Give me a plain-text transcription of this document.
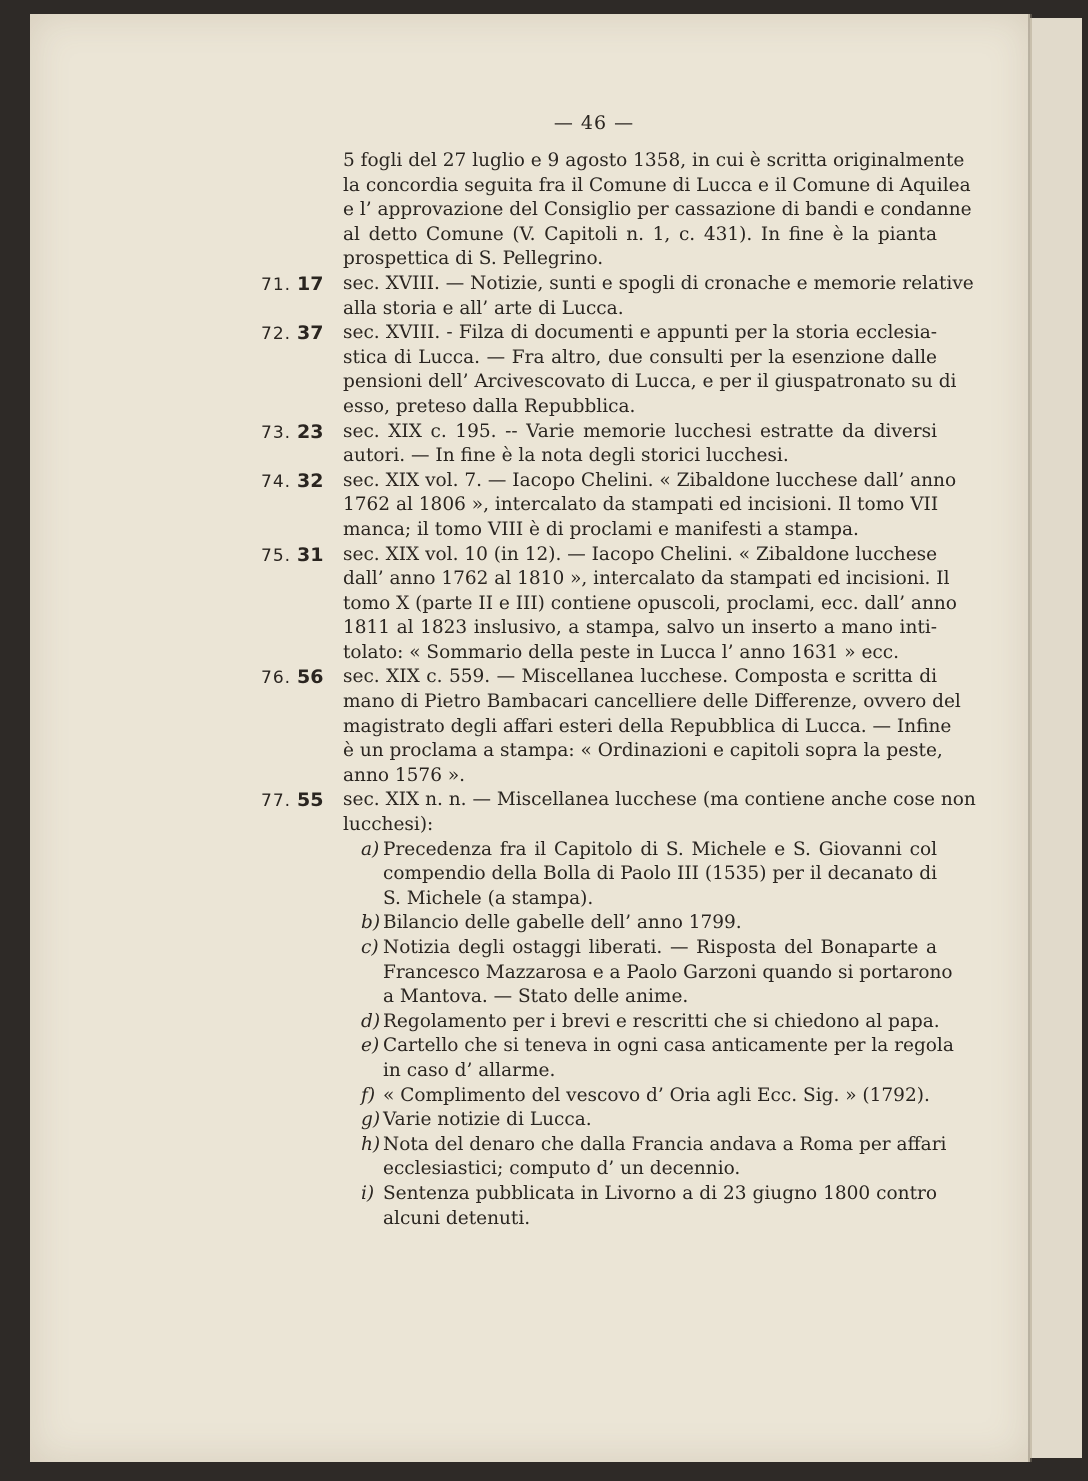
— 46 —
5 fogli del 27 luglio e 9 agosto 1358, in cui è scritta originalmente
la concordia seguita fra il Comune di Lucca e il Comune di Aquilea
e l’ approvazione del Consiglio per cassazione di bandi e condanne
al detto Comune (V. Capitoli n. 1, c. 431). In fine è la pianta
prospettica di S. Pellegrino.
71. 17	sec. XVIII. — Notizie, sunti e spogli di cronache e memorie relative
alla storia e all’ arte di Lucca.
72. 37	sec. XVIII. - Filza di documenti e appunti per la storia ecclesia-
stica di Lucca. — Fra altro, due consulti per la esenzione dalle
pensioni dell’ Arcivescovato di Lucca, e per il giuspatronato su di
esso, preteso dalla Repubblica.
73. 23	sec. XIX c. 195. -- Varie memorie lucchesi estratte da diversi
autori. — In fine è la nota degli storici lucchesi.
74. 32	sec. XIX vol. 7. — Iacopo Chelini. « Zibaldone lucchese dall’ anno
1762 al 1806 », intercalato da stampati ed incisioni. Il tomo VII
manca; il tomo VIII è di proclami e manifesti a stampa.
75. 31	sec. XIX vol. 10 (in 12). — Iacopo Chelini. « Zibaldone lucchese
dall’ anno 1762 al 1810 », intercalato da stampati ed incisioni. Il
tomo X (parte II e III) contiene opuscoli, proclami, ecc. dall’ anno
1811 al 1823 inslusivo, a stampa, salvo un inserto a mano inti-
tolato: « Sommario della peste in Lucca l’ anno 1631 » ecc.
76. 56	sec. XIX c. 559. — Miscellanea lucchese. Composta e scritta di
mano di Pietro Bambacari cancelliere delle Differenze, ovvero del
magistrato degli affari esteri della Repubblica di Lucca. — Infine
è un proclama a stampa: « Ordinazioni e capitoli sopra la peste,
anno 1576 ».
77. 55	sec. XIX n. n. — Miscellanea lucchese (ma contiene anche cose non
lucchesi):
a) Precedenza fra il Capitolo di S. Michele e S. Giovanni col
compendio della Bolla di Paolo III (1535) per il decanato di
S. Michele (a stampa).
b) Bilancio delle gabelle dell’ anno 1799.
c) Notizia degli ostaggi liberati. — Risposta del Bonaparte a
Francesco Mazzarosa e a Paolo Garzoni quando si portarono
a Mantova. — Stato delle anime.
d) Regolamento per i brevi e rescritti che si chiedono al papa.
e) Cartello che si teneva in ogni casa anticamente per la regola
in caso d’ allarme.
f) « Complimento del vescovo d’ Oria agli Ecc. Sig. » (1792).
g) Varie notizie di Lucca.
h) Nota del denaro che dalla Francia andava a Roma per affari
ecclesiastici; computo d’ un decennio.
i) Sentenza pubblicata in Livorno a di 23 giugno 1800 contro
alcuni detenuti.
